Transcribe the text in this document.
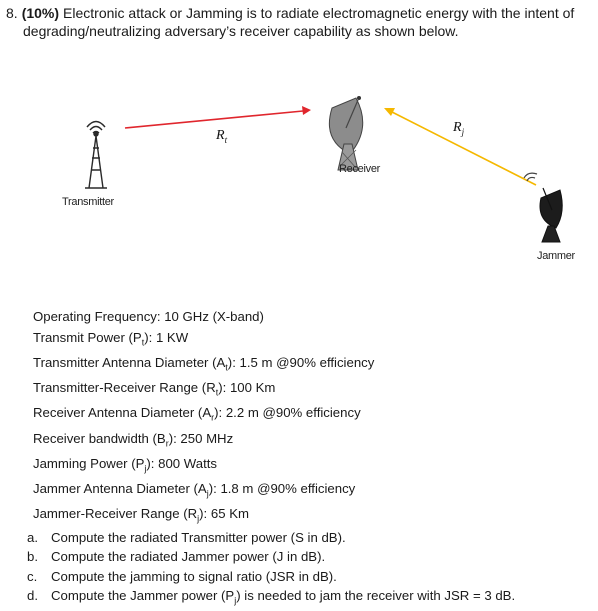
8. (10%) Electronic attack or Jamming is to radiate electromagnetic energy with the intent of
degrading/neutralizing adversary’s receiver capability as shown below.
Transmitter
Receiver
Jammer
$R_t$
$R_j$
Operating Frequency: 10 GHz (X-band)
Transmit Power $(P_t)$: 1 KW
Transmitter Antenna Diameter $(A_t)$: 1.5 m @90% efficiency
Transmitter-Receiver Range $(R_t)$: 100 Km
Receiver Antenna Diameter $(A_r)$: 2.2 m @90% efficiency
Receiver bandwidth $(B_r)$: 250 MHz
Jamming Power $(P_j)$: 800 Watts
Jammer Antenna Diameter $(A_j)$: 1.8 m @90% efficiency
Jammer-Receiver Range $(R_j)$: 65 Km
a. Compute the radiated Transmitter power (S in dB).
b. Compute the radiated Jammer power (J in dB).
c. Compute the jamming to signal ratio (JSR in dB).
d. Compute the Jammer power $(P_j)$ is needed to jam the receiver with JSR = 3 dB.
